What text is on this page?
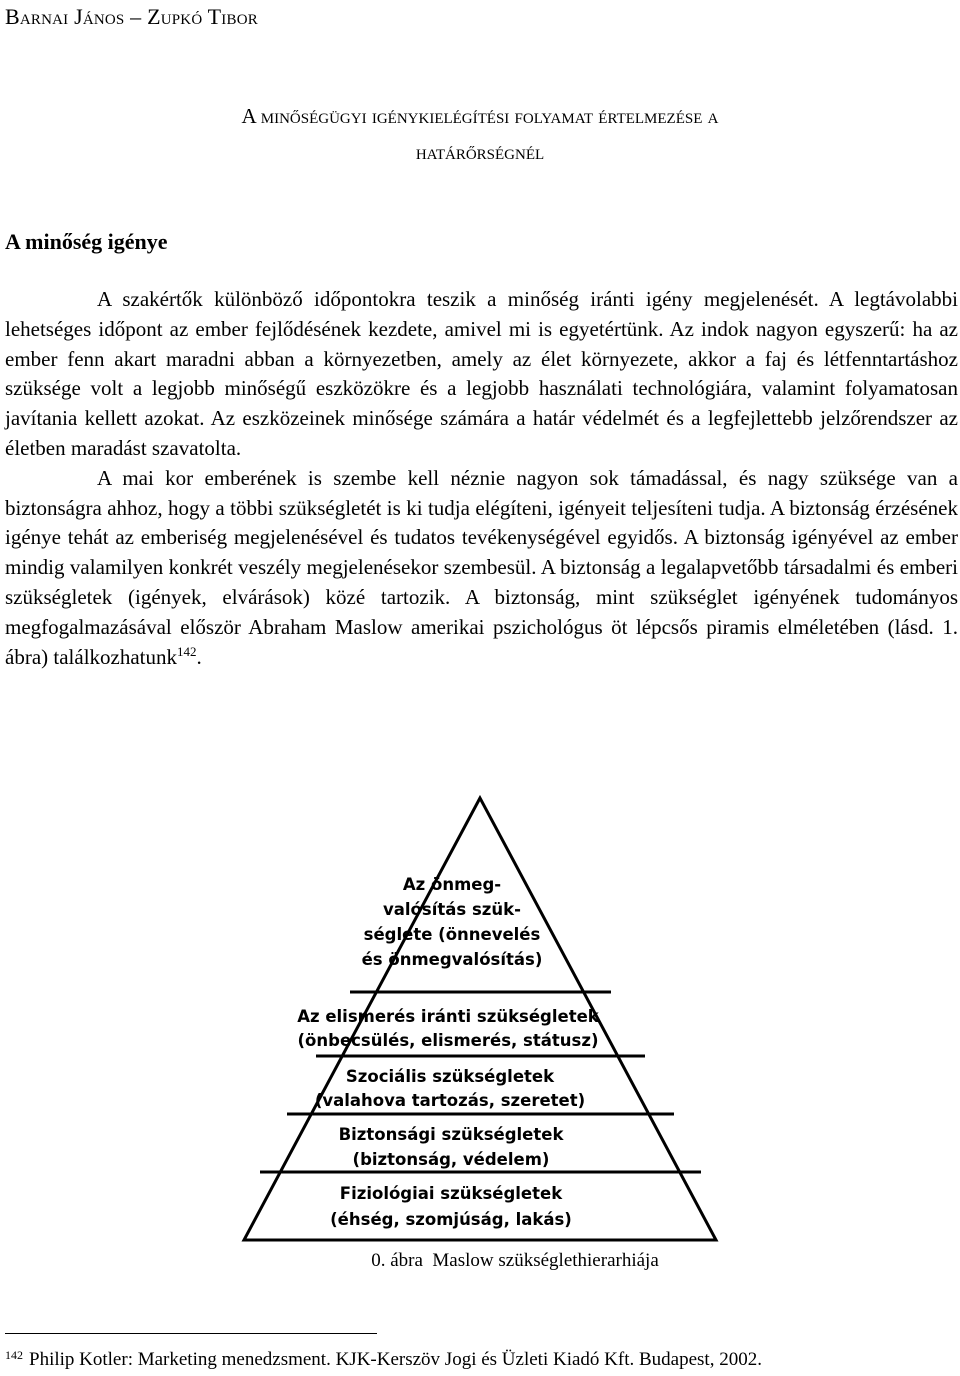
Barnai János – Zupkó Tibor
A minőségügyi igénykielégítési folyamat értelmezése a
határőrségnél
A minőség igénye

A szakértők különböző időpontokra teszik a minőség iránti igény megjelenését. A legtávolabbi lehetséges időpont az ember fejlődésének kezdete, amivel mi is egyetértünk. Az indok nagyon egyszerű: ha az ember fenn akart maradni abban a környezetben, amely az élet környezete, akkor a faj és létfenntartáshoz szüksége volt a legjobb minőségű eszközökre és a legjobb használati technológiára, valamint folyamatosan javítania kellett azokat. Az eszközeinek minősége számára a határ védelmét és a legfejlettebb jelzőrendszer az életben maradást szavatolta.

A mai kor emberének is szembe kell néznie nagyon sok támadással, és nagy szüksége van a biztonságra ahhoz, hogy a többi szükségletét is ki tudja elégíteni, igényeit teljesíteni tudja. A biztonság érzésének igénye tehát az emberiség megjelenésével és tudatos tevékenységével egyidős. A biztonság igényével az ember mindig valamilyen konkrét veszély megjelenésekor szembesül. A biztonság a legalapvetőbb társadalmi és emberi szükségletek (igények, elvárások) közé tartozik. A biztonság, mint szükséglet igényének tudományos megfogalmazásával először Abraham Maslow amerikai pszichológus öt lépcsős piramis elméletében (lásd. 1. ábra) találkozhatunk$^{142}$.

Az önmeg-
valósítás szük-
séglete (önnevelés
és önmegvalósítás)
Az elismerés iránti szükségletek
(önbecsülés, elismerés, státusz)
Szociális szükségletek
(valahova tartozás, szeretet)
Biztonsági szükségletek
(biztonság, védelem)
Fiziológiai szükségletek
(éhség, szomjúság, lakás)
0. ábra  Maslow szükséglethierarhiája
$^{142}$ Philip Kotler: Marketing menedzsment. KJK-Kerszöv Jogi és Üzleti Kiadó Kft. Budapest, 2002.
